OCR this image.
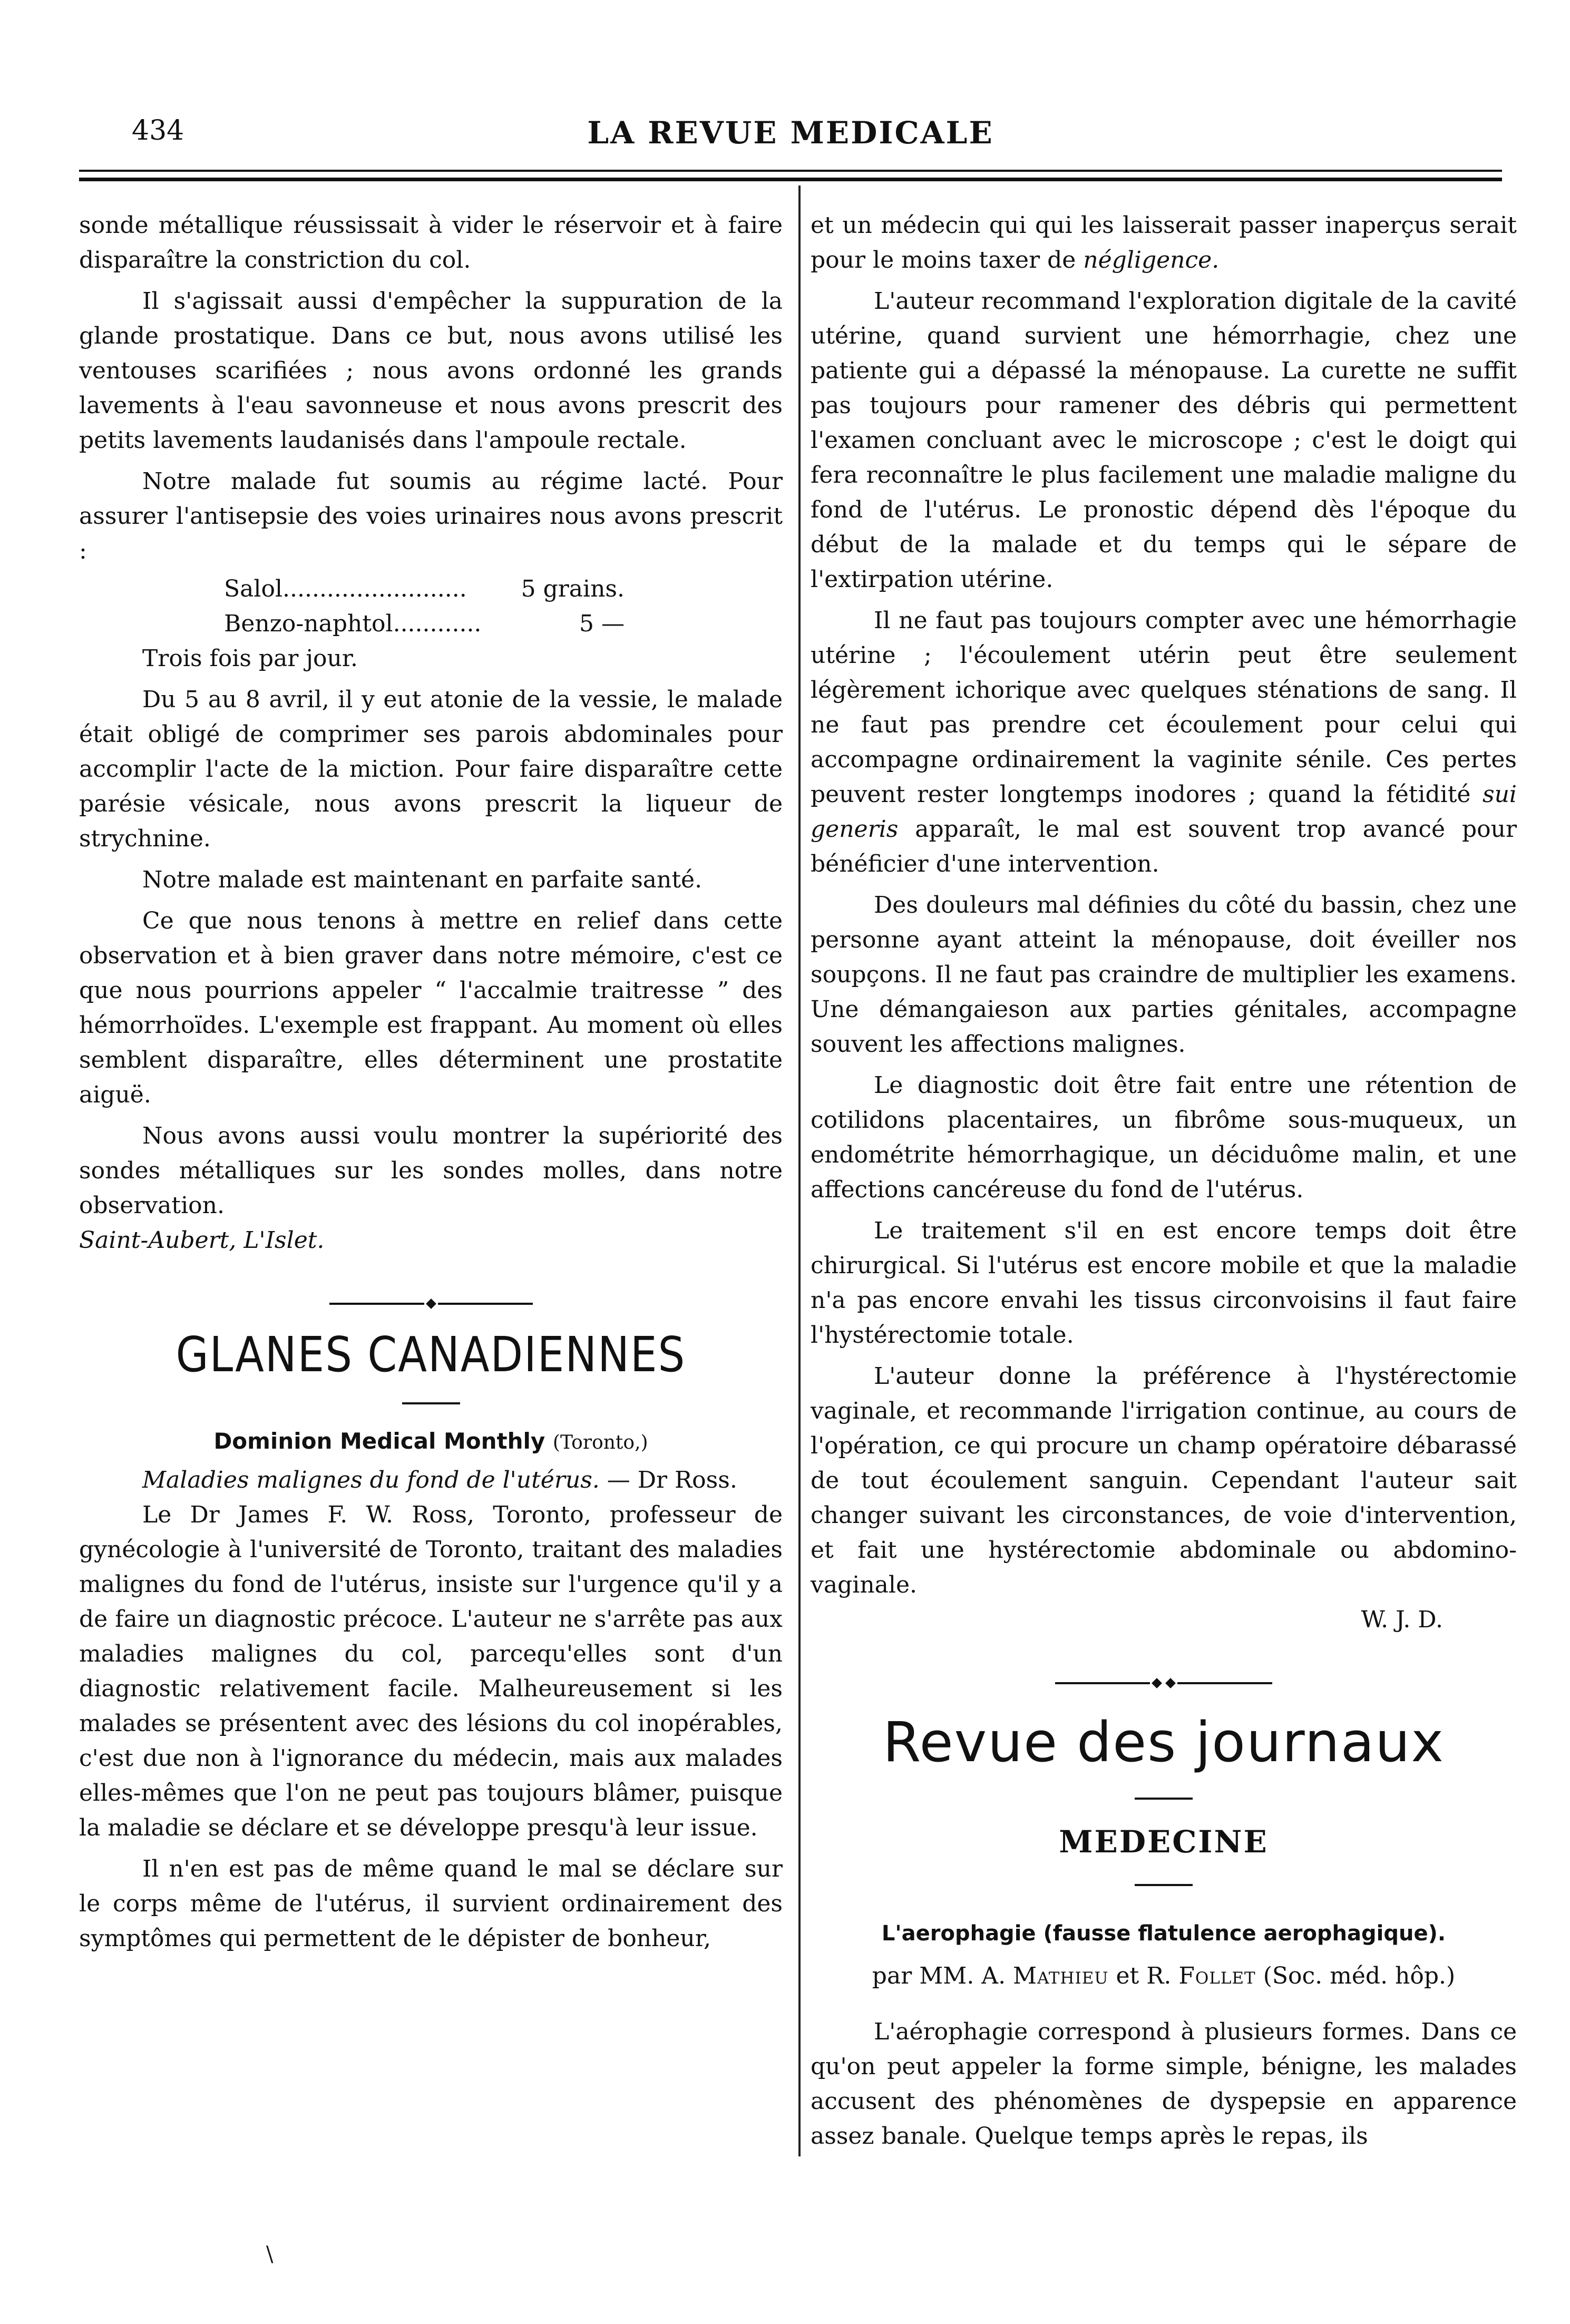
434	LA REVUE MEDICALE

sonde métallique réussissait à vider le réservoir et à faire disparaître la constriction du col.

Il s'agissait aussi d'empêcher la suppuration de la glande prostatique. Dans ce but, nous avons utilisé les ventouses scarifiées ; nous avons ordonné les grands lavements à l'eau savonneuse et nous avons prescrit des petits lavements laudanisés dans l'ampoule rectale.

Notre malade fut soumis au régime lacté. Pour assurer l'antisepsie des voies urinaires nous avons prescrit :

Salol .........................	5 grains.
Benzo-naphtol ............	5 —

Trois fois par jour.

Du 5 au 8 avril, il y eut atonie de la vessie, le malade était obligé de comprimer ses parois abdominales pour accomplir l'acte de la miction. Pour faire disparaître cette parésie vésicale, nous avons prescrit la liqueur de strychnine.

Notre malade est maintenant en parfaite santé.

Ce que nous tenons à mettre en relief dans cette observation et à bien graver dans notre mémoire, c'est ce que nous pourrions appeler “ l'accalmie traitresse ” des hémorrhoïdes. L'exemple est frappant. Au moment où elles semblent disparaître, elles déterminent une prostatite aiguë.

Nous avons aussi voulu montrer la supériorité des sondes métalliques sur les sondes molles, dans notre observation.

Saint-Aubert, L'Islet.

GLANES CANADIENNES
Dominion Medical Monthly (Toronto,)

Maladies malignes du fond de l'utérus. — Dr Ross.

Le Dr James F. W. Ross, Toronto, professeur de gynécologie à l'université de Toronto, traitant des maladies malignes du fond de l'utérus, insiste sur l'urgence qu'il y a de faire un diagnostic précoce. L'auteur ne s'arrête pas aux maladies malignes du col, parcequ'elles sont d'un diagnostic relativement facile. Malheureusement si les malades se présentent avec des lésions du col inopérables, c'est due non à l'ignorance du médecin, mais aux malades elles-mêmes que l'on ne peut pas toujours blâmer, puisque la maladie se déclare et se développe presqu'à leur issue.

Il n'en est pas de même quand le mal se déclare sur le corps même de l'utérus, il survient ordinairement des symptômes qui permettent de le dépister de bonheur,

et un médecin qui qui les laisserait passer inaperçus serait pour le moins taxer de négligence.

L'auteur recommand l'exploration digitale de la cavité utérine, quand survient une hémorrhagie, chez une patiente gui a dépassé la ménopause. La curette ne suffit pas toujours pour ramener des débris qui permettent l'examen concluant avec le microscope ; c'est le doigt qui fera reconnaître le plus facilement une maladie maligne du fond de l'utérus. Le pronostic dépend dès l'époque du début de la malade et du temps qui le sépare de l'extirpation utérine.

Il ne faut pas toujours compter avec une hémorrhagie utérine ; l'écoulement utérin peut être seulement légèrement ichorique avec quelques sténations de sang. Il ne faut pas prendre cet écoulement pour celui qui accompagne ordinairement la vaginite sénile. Ces pertes peuvent rester longtemps inodores ; quand la fétidité sui generis apparaît, le mal est souvent trop avancé pour bénéficier d'une intervention.

Des douleurs mal définies du côté du bassin, chez une personne ayant atteint la ménopause, doit éveiller nos soupçons. Il ne faut pas craindre de multiplier les examens. Une démangaieson aux parties génitales, accompagne souvent les affections malignes.

Le diagnostic doit être fait entre une rétention de cotilidons placentaires, un fibrôme sous-muqueux, un endométrite hémorrhagique, un déciduôme malin, et une affections cancéreuse du fond de l'utérus.

Le traitement s'il en est encore temps doit être chirurgical. Si l'utérus est encore mobile et que la maladie n'a pas encore envahi les tissus circonvoisins il faut faire l'hystérectomie totale.

L'auteur donne la préférence à l'hystérectomie vaginale, et recommande l'irrigation continue, au cours de l'opération, ce qui procure un champ opératoire débarassé de tout écoulement sanguin. Cependant l'auteur sait changer suivant les circonstances, de voie d'intervention, et fait une hystérectomie abdominale ou abdomino-vaginale.

W. J. D.

Revue des journaux
MEDECINE
L'aerophagie (fausse flatulence aerophagique).
par MM. A. Mathieu et R. Follet (Soc. méd. hôp.)

L'aérophagie correspond à plusieurs formes. Dans ce qu'on peut appeler la forme simple, bénigne, les malades accusent des phénomènes de dyspepsie en apparence assez banale. Quelque temps après le repas, ils

\
